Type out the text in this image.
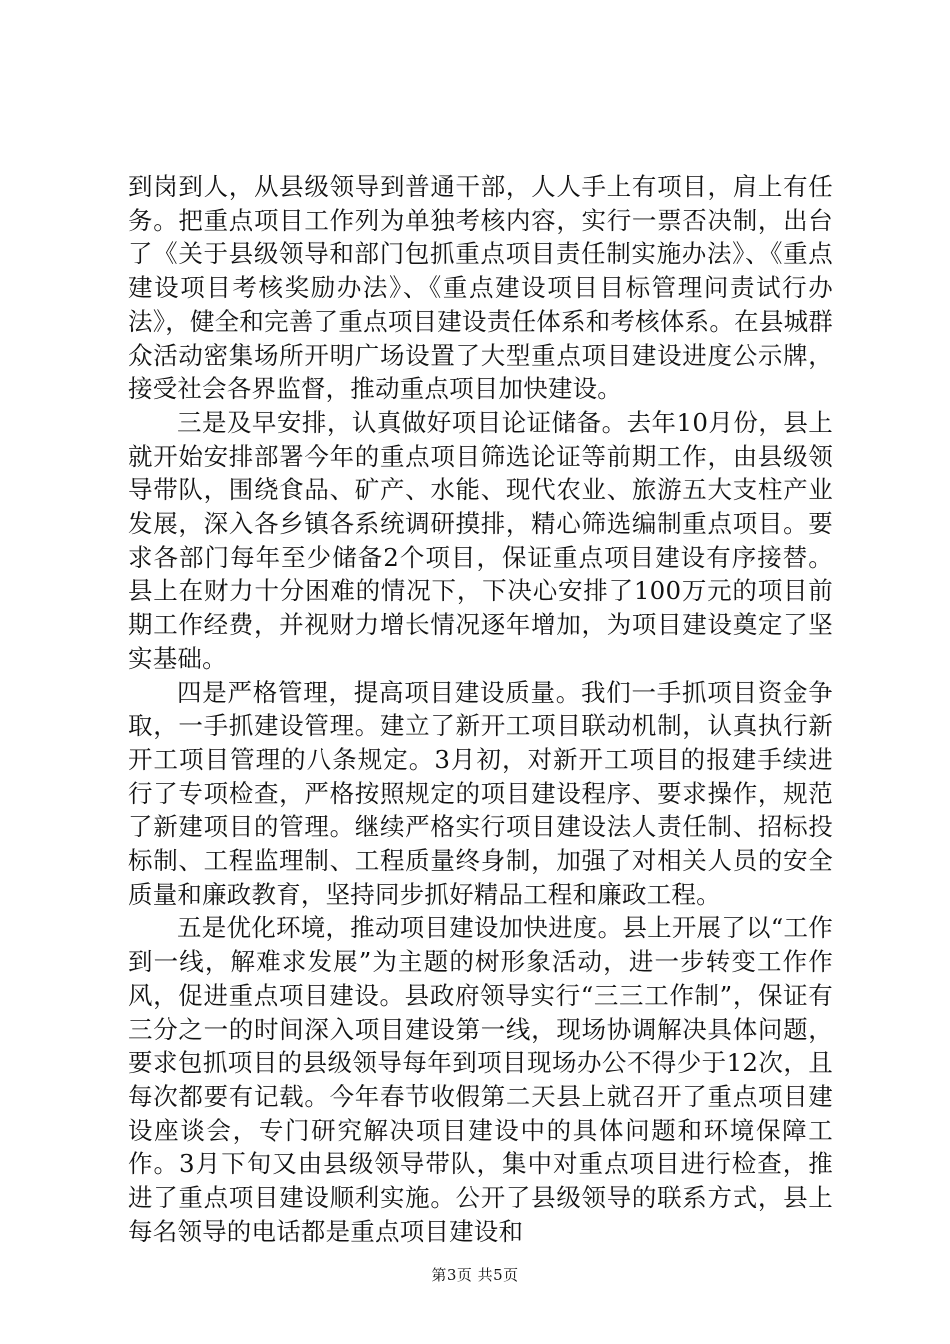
到岗到人，从县级领导到普通干部，人人手上有项目，肩上有任务。把重点项目工作列为单独考核内容，实行一票否决制，出台了《关于县级领导和部门包抓重点项目责任制实施办法》、《重点建设项目考核奖励办法》、《重点建设项目目标管理问责试行办法》，健全和完善了重点项目建设责任体系和考核体系。在县城群众活动密集场所开明广场设置了大型重点项目建设进度公示牌，接受社会各界监督，推动重点项目加快建设。

三是及早安排，认真做好项目论证储备。去年10月份，县上就开始安排部署今年的重点项目筛选论证等前期工作，由县级领导带队，围绕食品、矿产、水能、现代农业、旅游五大支柱产业发展，深入各乡镇各系统调研摸排，精心筛选编制重点项目。要求各部门每年至少储备2个项目，保证重点项目建设有序接替。县上在财力十分困难的情况下，下决心安排了100万元的项目前期工作经费，并视财力增长情况逐年增加，为项目建设奠定了坚实基础。

四是严格管理，提高项目建设质量。我们一手抓项目资金争取，一手抓建设管理。建立了新开工项目联动机制，认真执行新开工项目管理的八条规定。3月初，对新开工项目的报建手续进行了专项检查，严格按照规定的项目建设程序、要求操作，规范了新建项目的管理。继续严格实行项目建设法人责任制、招标投标制、工程监理制、工程质量终身制，加强了对相关人员的安全质量和廉政教育，坚持同步抓好精品工程和廉政工程。

五是优化环境，推动项目建设加快进度。县上开展了以“工作到一线，解难求发展”为主题的树形象活动，进一步转变工作作风，促进重点项目建设。县政府领导实行“三三工作制”，保证有三分之一的时间深入项目建设第一线，现场协调解决具体问题，要求包抓项目的县级领导每年到项目现场办公不得少于12次，且每次都要有记载。今年春节收假第二天县上就召开了重点项目建设座谈会，专门研究解决项目建设中的具体问题和环境保障工作。3月下旬又由县级领导带队，集中对重点项目进行检查，推进了重点项目建设顺利实施。公开了县级领导的联系方式，县上每名领导的电话都是重点项目建设和

第3页 共5页
